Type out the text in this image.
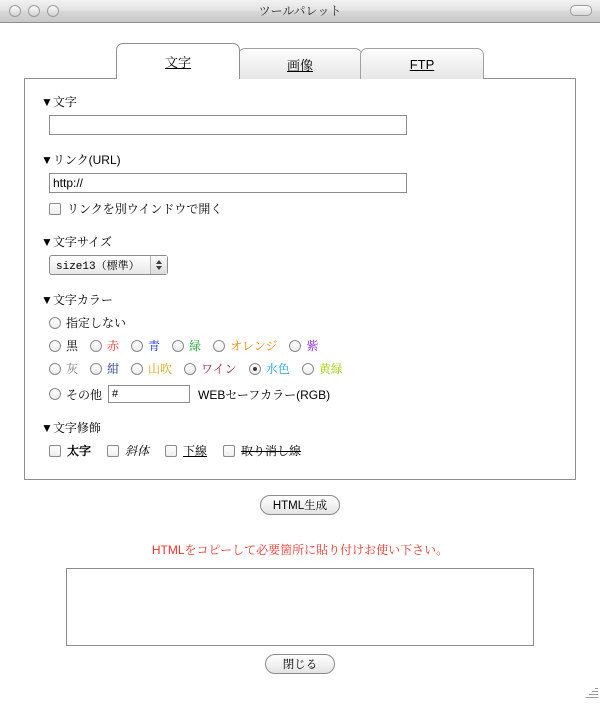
ツールパレット
文字	画像	FTP
▼文字
▼リンク(URL)
http://
リンクを別ウインドウで開く
▼文字サイズ
size13（標準）
▼文字カラー
指定しない
黒 赤 青 緑 オレンジ 紫
灰 紺 山吹 ワイン 水色 黄緑
その他
#	WEBセーフカラー(RGB)
▼文字修飾
太字	斜体	下線	取り消し線
HTML生成
HTMLをコピーして必要箇所に貼り付けお使い下さい。
閉じる
